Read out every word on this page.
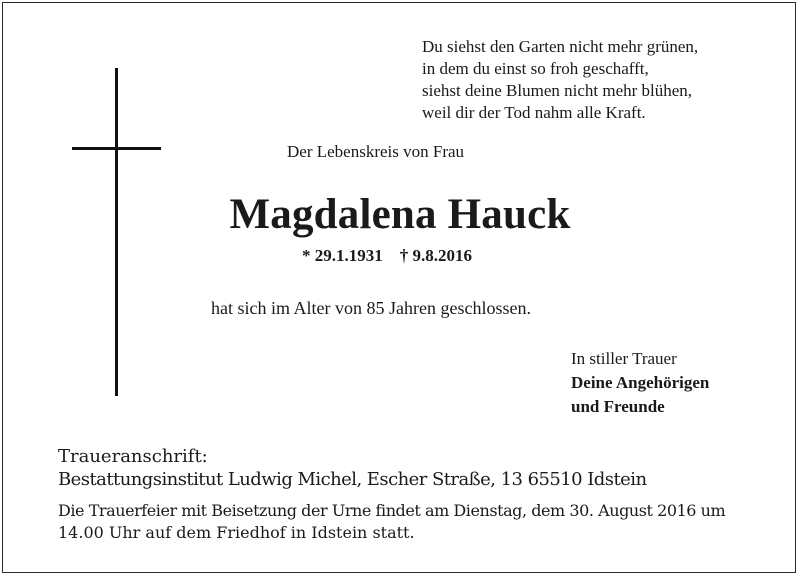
Du siehst den Garten nicht mehr grünen,
in dem du einst so froh geschafft,
siehst deine Blumen nicht mehr blühen,
weil dir der Tod nahm alle Kraft.
Der Lebenskreis von Frau
Magdalena Hauck
* 29.1.1931 † 9.8.2016
hat sich im Alter von 85 Jahren geschlossen.
In stiller Trauer
Deine Angehörigen
und Freunde
Traueranschrift:
Bestattungsinstitut Ludwig Michel, Escher Straße, 13 65510 Idstein
Die Trauerfeier mit Beisetzung der Urne findet am Dienstag, dem 30. August 2016 um
14.00 Uhr auf dem Friedhof in Idstein statt.
